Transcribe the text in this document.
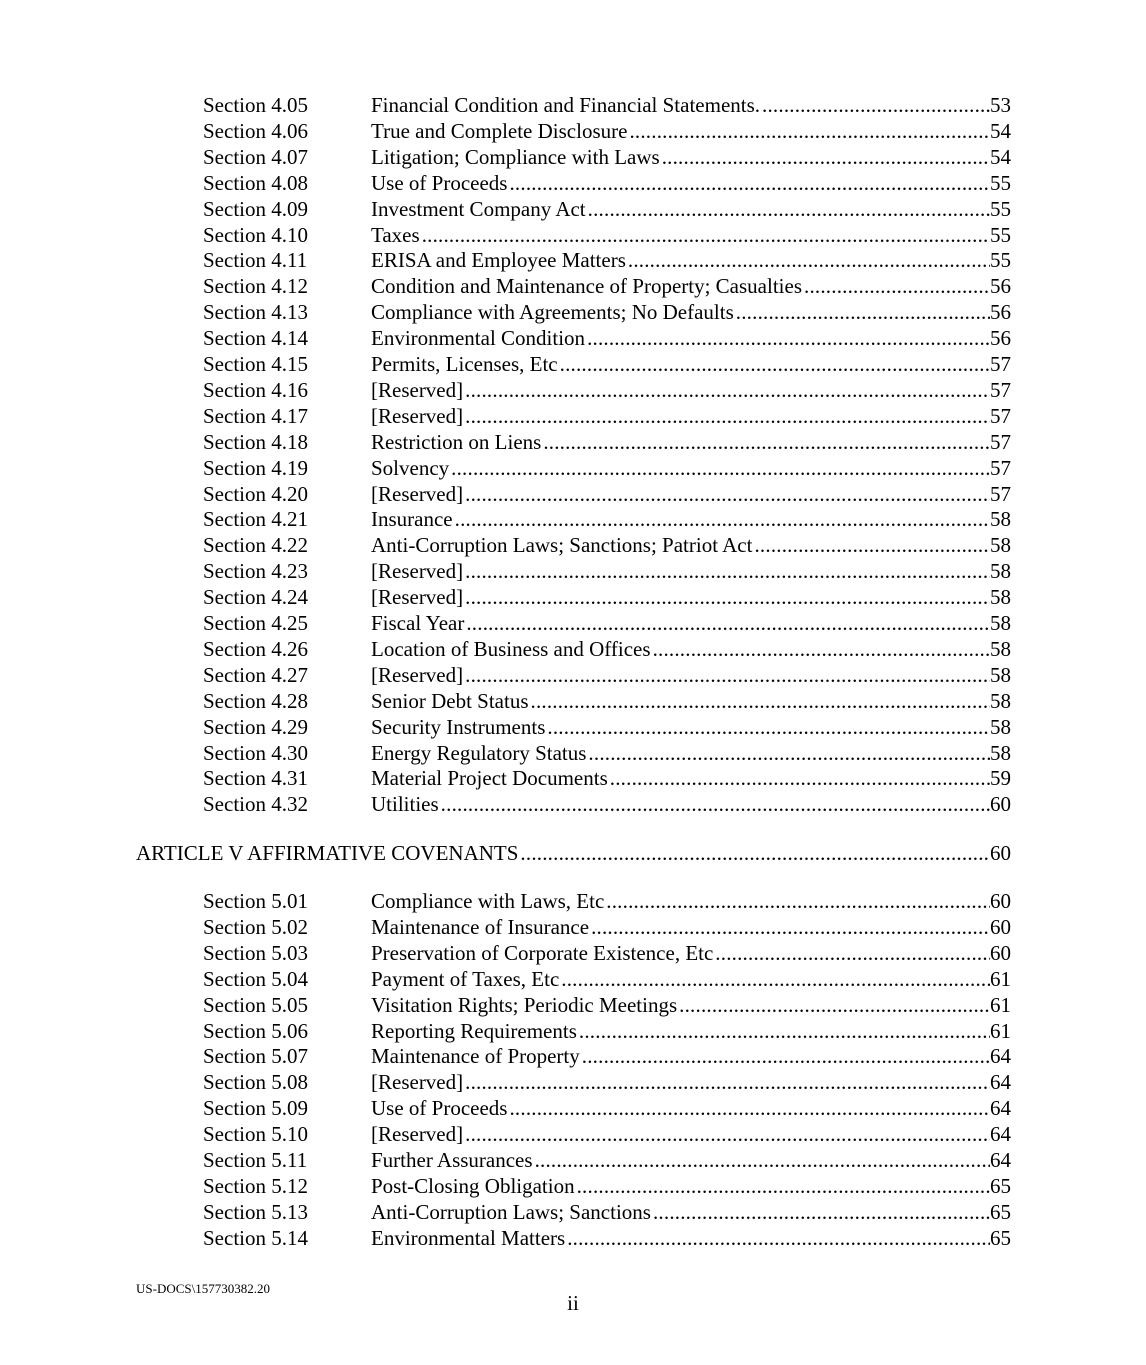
Section 4.05	Financial Condition and Financial Statements. .....	53
Section 4.06	True and Complete Disclosure .....	54
Section 4.07	Litigation; Compliance with Laws .....	54
Section 4.08	Use of Proceeds .....	55
Section 4.09	Investment Company Act .....	55
Section 4.10	Taxes .....	55
Section 4.11	ERISA and Employee Matters .....	55
Section 4.12	Condition and Maintenance of Property; Casualties .....	56
Section 4.13	Compliance with Agreements; No Defaults .....	56
Section 4.14	Environmental Condition .....	56
Section 4.15	Permits, Licenses, Etc .....	57
Section 4.16	[Reserved] .....	57
Section 4.17	[Reserved] .....	57
Section 4.18	Restriction on Liens .....	57
Section 4.19	Solvency .....	57
Section 4.20	[Reserved] .....	57
Section 4.21	Insurance .....	58
Section 4.22	Anti-Corruption Laws; Sanctions; Patriot Act .....	58
Section 4.23	[Reserved] .....	58
Section 4.24	[Reserved] .....	58
Section 4.25	Fiscal Year .....	58
Section 4.26	Location of Business and Offices .....	58
Section 4.27	[Reserved] .....	58
Section 4.28	Senior Debt Status .....	58
Section 4.29	Security Instruments .....	58
Section 4.30	Energy Regulatory Status .....	58
Section 4.31	Material Project Documents .....	59
Section 4.32	Utilities .....	60
ARTICLE V AFFIRMATIVE COVENANTS .....	60
Section 5.01	Compliance with Laws, Etc .....	60
Section 5.02	Maintenance of Insurance .....	60
Section 5.03	Preservation of Corporate Existence, Etc .....	60
Section 5.04	Payment of Taxes, Etc .....	61
Section 5.05	Visitation Rights; Periodic Meetings .....	61
Section 5.06	Reporting Requirements .....	61
Section 5.07	Maintenance of Property .....	64
Section 5.08	[Reserved] .....	64
Section 5.09	Use of Proceeds .....	64
Section 5.10	[Reserved] .....	64
Section 5.11	Further Assurances .....	64
Section 5.12	Post-Closing Obligation .....	65
Section 5.13	Anti-Corruption Laws; Sanctions .....	65
Section 5.14	Environmental Matters .....	65
US-DOCS\157730382.20
ii
